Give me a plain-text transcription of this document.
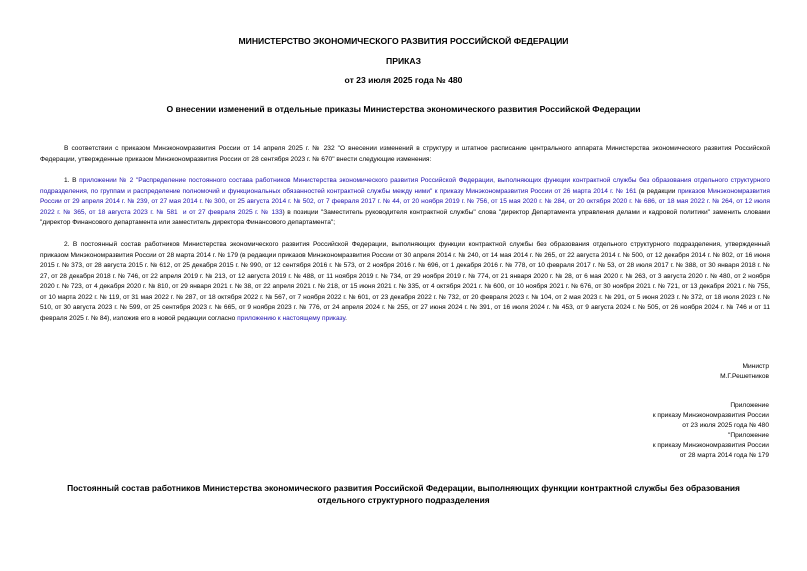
МИНИСТЕРСТВО ЭКОНОМИЧЕСКОГО РАЗВИТИЯ РОССИЙСКОЙ ФЕДЕРАЦИИ
ПРИКАЗ
от 23 июля 2025 года № 480
О внесении изменений в отдельные приказы Министерства экономического развития Российской Федерации
В соответствии с приказом Минэкономразвития России от 14 апреля 2025 г. № 232 "О внесении изменений в структуру и штатное расписание центрального аппарата Министерства экономического развития Российской Федерации, утвержденные приказом Минэкономразвития России от 28 сентября 2023 г. № 670" внести следующие изменения:
1. В приложении № 2 "Распределение постоянного состава работников Министерства экономического развития Российской Федерации, выполняющих функции контрактной службы без образования отдельного структурного подразделения, по группам и распределение полномочий и функциональных обязанностей контрактной службы между ними" к приказу Минэкономразвития России от 26 марта 2014 г. № 161 (в редакции приказов Минэкономразвития России от 29 апреля 2014 г. № 239, от 27 мая 2014 г. № 300, от 25 августа 2014 г. № 502, от 7 февраля 2017 г. № 44, от 20 ноября 2019 г. № 756, от 15 мая 2020 г. № 284, от 20 октября 2020 г. № 686, от 18 мая 2022 г. № 264, от 12 июля 2022 г. № 365, от 18 августа 2023 г. № 581 и от 27 февраля 2025 г. № 133) в позиции "Заместитель руководителя контрактной службы" слова "директор Департамента управления делами и кадровой политики" заменить словами "директор Финансового департамента или заместитель директора Финансового департамента";
2. В постоянный состав работников Министерства экономического развития Российской Федерации, выполняющих функции контрактной службы без образования отдельного структурного подразделения, утвержденный приказом Минэкономразвития России от 28 марта 2014 г. № 179 (в редакции приказов Минэкономразвития России от 30 апреля 2014 г. № 240, от 14 мая 2014 г. № 265, от 22 августа 2014 г. № 500, от 12 декабря 2014 г. № 802, от 16 июня 2015 г. № 373, от 28 августа 2015 г. № 612, от 25 декабря 2015 г. № 990, от 12 сентября 2016 г. № 573, от 2 ноября 2016 г. № 696, от 1 декабря 2016 г. № 778, от 10 февраля 2017 г. № 53, от 28 июля 2017 г. № 388, от 30 января 2018 г. № 27, от 28 декабря 2018 г. № 746, от 22 апреля 2019 г. № 213, от 12 августа 2019 г. № 488, от 11 ноября 2019 г. № 734, от 29 ноября 2019 г. № 774, от 21 января 2020 г. № 28, от 6 мая 2020 г. № 263, от 3 августа 2020 г. № 480, от 2 ноября 2020 г. № 723, от 4 декабря 2020 г. № 810, от 29 января 2021 г. № 38, от 22 апреля 2021 г. № 218, от 15 июня 2021 г. № 335, от 4 октября 2021 г. № 600, от 10 ноября 2021 г. № 676, от 30 ноября 2021 г. № 721, от 13 декабря 2021 г. № 755, от 10 марта 2022 г. № 119, от 31 мая 2022 г. № 287, от 18 октября 2022 г. № 567, от 7 ноября 2022 г. № 601, от 23 декабря 2022 г. № 732, от 20 февраля 2023 г. № 104, от 2 мая 2023 г. № 291, от 5 июня 2023 г. № 372, от 18 июля 2023 г. № 510, от 30 августа 2023 г. № 599, от 25 сентября 2023 г. № 665, от 9 ноября 2023 г. № 776, от 24 апреля 2024 г. № 255, от 27 июня 2024 г. № 391, от 16 июля 2024 г. № 453, от 9 августа 2024 г. № 505, от 26 ноября 2024 г. № 746 и от 11 февраля 2025 г. № 84), изложив его в новой редакции согласно приложению к настоящему приказу.
Министр
М.Г.Решетников
Приложение
к приказу Минэкономразвития России
от 23 июля 2025 года № 480
"Приложение
к приказу Минэкономразвития России
от 28 марта 2014 года № 179
Постоянный состав работников Министерства экономического развития Российской Федерации, выполняющих функции контрактной службы без образования
отдельного структурного подразделения
